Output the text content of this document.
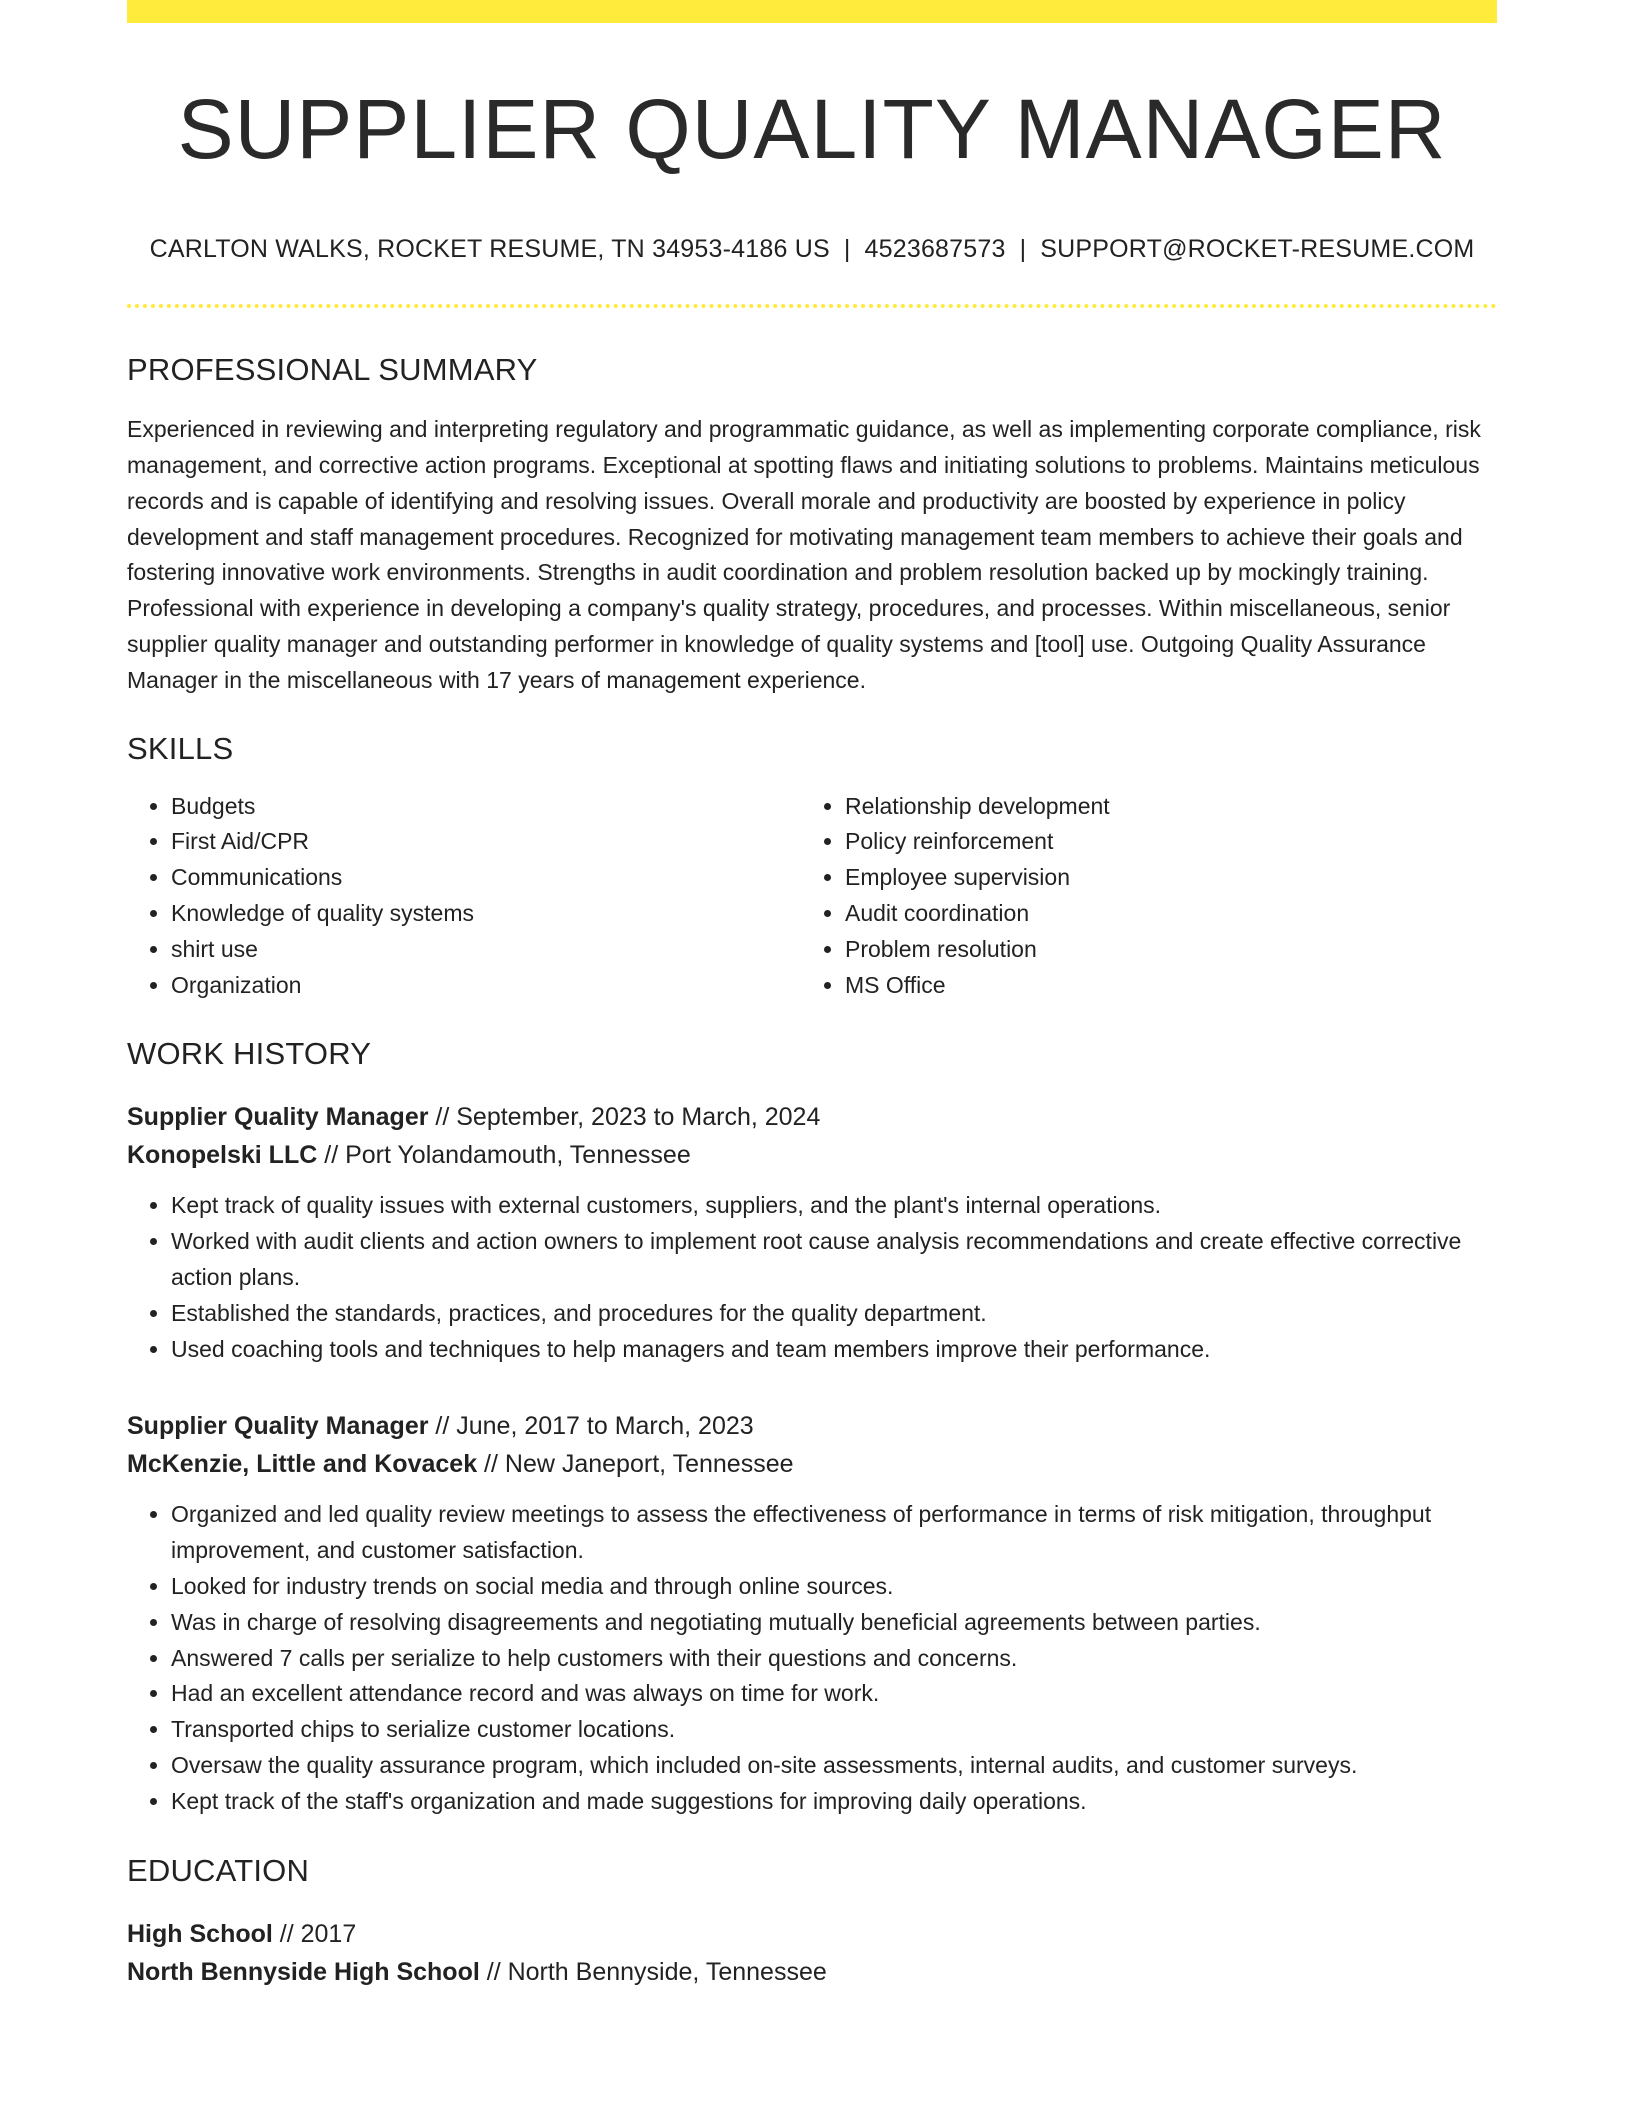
SUPPLIER QUALITY MANAGER
CARLTON WALKS, ROCKET RESUME, TN 34953-4186 US | 4523687573 | SUPPORT@ROCKET-RESUME.COM
PROFESSIONAL SUMMARY

Experienced in reviewing and interpreting regulatory and programmatic guidance, as well as implementing corporate compliance, risk management, and corrective action programs. Exceptional at spotting flaws and initiating solutions to problems. Maintains meticulous records and is capable of identifying and resolving issues. Overall morale and productivity are boosted by experience in policy development and staff management procedures. Recognized for motivating management team members to achieve their goals and fostering innovative work environments. Strengths in audit coordination and problem resolution backed up by mockingly training. Professional with experience in developing a company's quality strategy, procedures, and processes. Within miscellaneous, senior supplier quality manager and outstanding performer in knowledge of quality systems and [tool] use. Outgoing Quality Assurance Manager in the miscellaneous with 17 years of management experience.

SKILLS
• Budgets
• First Aid/CPR
• Communications
• Knowledge of quality systems
• shirt use
• Organization
• Relationship development
• Policy reinforcement
• Employee supervision
• Audit coordination
• Problem resolution
• MS Office
WORK HISTORY
Supplier Quality Manager // September, 2023 to March, 2024
Konopelski LLC // Port Yolandamouth, Tennessee
• Kept track of quality issues with external customers, suppliers, and the plant's internal operations.
• Worked with audit clients and action owners to implement root cause analysis recommendations and create effective corrective action plans.
• Established the standards, practices, and procedures for the quality department.
• Used coaching tools and techniques to help managers and team members improve their performance.
Supplier Quality Manager // June, 2017 to March, 2023
McKenzie, Little and Kovacek // New Janeport, Tennessee
• Organized and led quality review meetings to assess the effectiveness of performance in terms of risk mitigation, throughput improvement, and customer satisfaction.
• Looked for industry trends on social media and through online sources.
• Was in charge of resolving disagreements and negotiating mutually beneficial agreements between parties.
• Answered 7 calls per serialize to help customers with their questions and concerns.
• Had an excellent attendance record and was always on time for work.
• Transported chips to serialize customer locations.
• Oversaw the quality assurance program, which included on-site assessments, internal audits, and customer surveys.
• Kept track of the staff's organization and made suggestions for improving daily operations.
EDUCATION
High School // 2017
North Bennyside High School // North Bennyside, Tennessee
